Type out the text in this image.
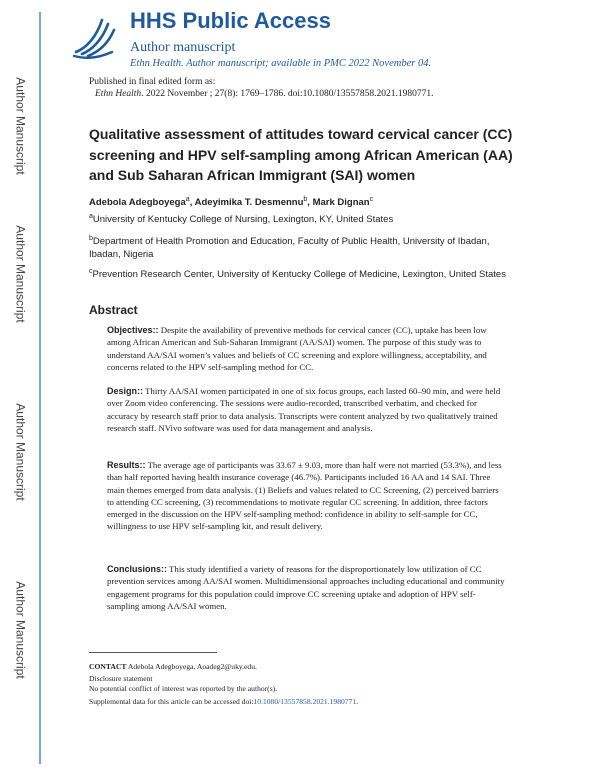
Author Manuscript
Author Manuscript
Author Manuscript
Author Manuscript
HHS Public Access
Author manuscript
Ethn Health. Author manuscript; available in PMC 2022 November 04.
Published in final edited form as:
Ethn Health. 2022 November ; 27(8): 1769–1786. doi:10.1080/13557858.2021.1980771.
Qualitative assessment of attitudes toward cervical cancer (CC) screening and HPV self-sampling among African American (AA) and Sub Saharan African Immigrant (SAI) women
Adebola Adegboyega$^a$, Adeyimika T. Desmennu$^b$, Mark Dignan$^c$
$^a$University of Kentucky College of Nursing, Lexington, KY, United States
$^b$Department of Health Promotion and Education, Faculty of Public Health, University of Ibadan, Ibadan, Nigeria
$^c$Prevention Research Center, University of Kentucky College of Medicine, Lexington, United States
Abstract
Objectives:: Despite the availability of preventive methods for cervical cancer (CC), uptake has been low among African American and Sub-Saharan Immigrant (AA/SAI) women. The purpose of this study was to understand AA/SAI women’s values and beliefs of CC screening and explore willingness, acceptability, and concerns related to the HPV self-sampling method for CC.
Design:: Thirty AA/SAI women participated in one of six focus groups, each lasted 60–90 min, and were held over Zoom video conferencing. The sessions were audio-recorded, transcribed verbatim, and checked for accuracy by research staff prior to data analysis. Transcripts were content analyzed by two qualitatively trained research staff. NVivo software was used for data management and analysis.
Results:: The average age of participants was 33.67 ± 9.03, more than half were not married (53.3%), and less than half reported having health insurance coverage (46.7%). Participants included 16 AA and 14 SAI. Three main themes emerged from data analysis. (1) Beliefs and values related to CC Screening, (2) perceived barriers to attending CC screening, (3) recommendations to motivate regular CC screening. In addition, three factors emerged in the discussion on the HPV self-sampling method: confidence in ability to self-sample for CC, willingness to use HPV self-sampling kit, and result delivery.
Conclusions:: This study identified a variety of reasons for the disproportionately low utilization of CC prevention services among AA/SAI women. Multidimensional approaches including educational and community engagement programs for this population could improve CC screening uptake and adoption of HPV self-sampling among AA/SAI women.
CONTACT Adebola Adegboyega, Aoadeg2@uky.edu.
Disclosure statement
No potential conflict of interest was reported by the author(s).
Supplemental data for this article can be accessed doi:10.1080/13557858.2021.1980771.
